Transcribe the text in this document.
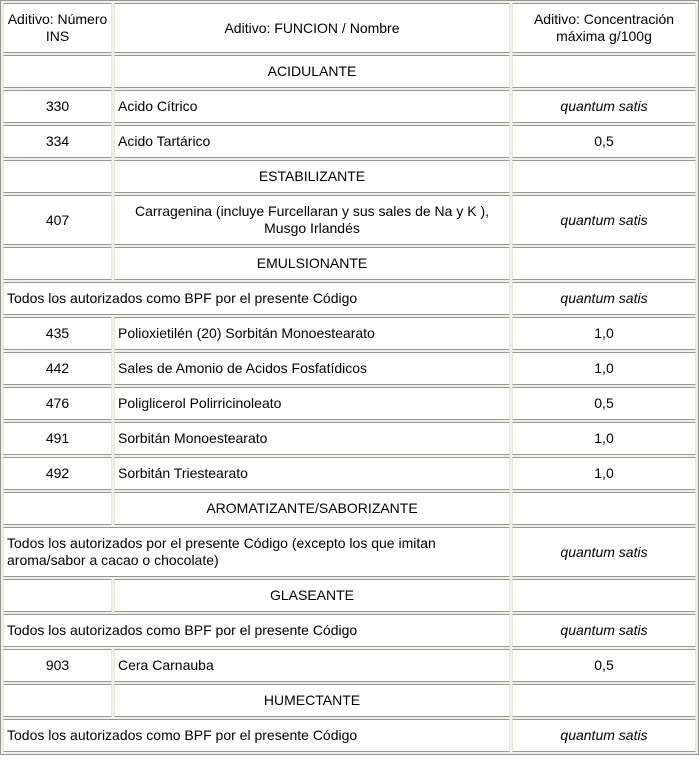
Aditivo: Número INS	Aditivo: FUNCION / Nombre	Aditivo: Concentración máxima g/100g
	ACIDULANTE	
330	Acido Cítrico	quantum satis
334	Acido Tartárico	0,5
	ESTABILIZANTE	
407	Carragenina (incluye Furcellaran y sus sales de Na y K ), Musgo Irlandés	quantum satis
	EMULSIONANTE	
Todos los autorizados como BPF por el presente Código		quantum satis
435	Polioxietilén (20) Sorbitán Monoestearato	1,0
442	Sales de Amonio de Acidos Fosfatídicos	1,0
476	Poliglicerol Polirricinoleato	0,5
491	Sorbitán Monoestearato	1,0
492	Sorbitán Triestearato	1,0
	AROMATIZANTE/SABORIZANTE	
Todos los autorizados por el presente Código (excepto los que imitan aroma/sabor a cacao o chocolate)		quantum satis
	GLASEANTE	
Todos los autorizados como BPF por el presente Código		quantum satis
903	Cera Carnauba	0,5
	HUMECTANTE	
Todos los autorizados como BPF por el presente Código		quantum satis
